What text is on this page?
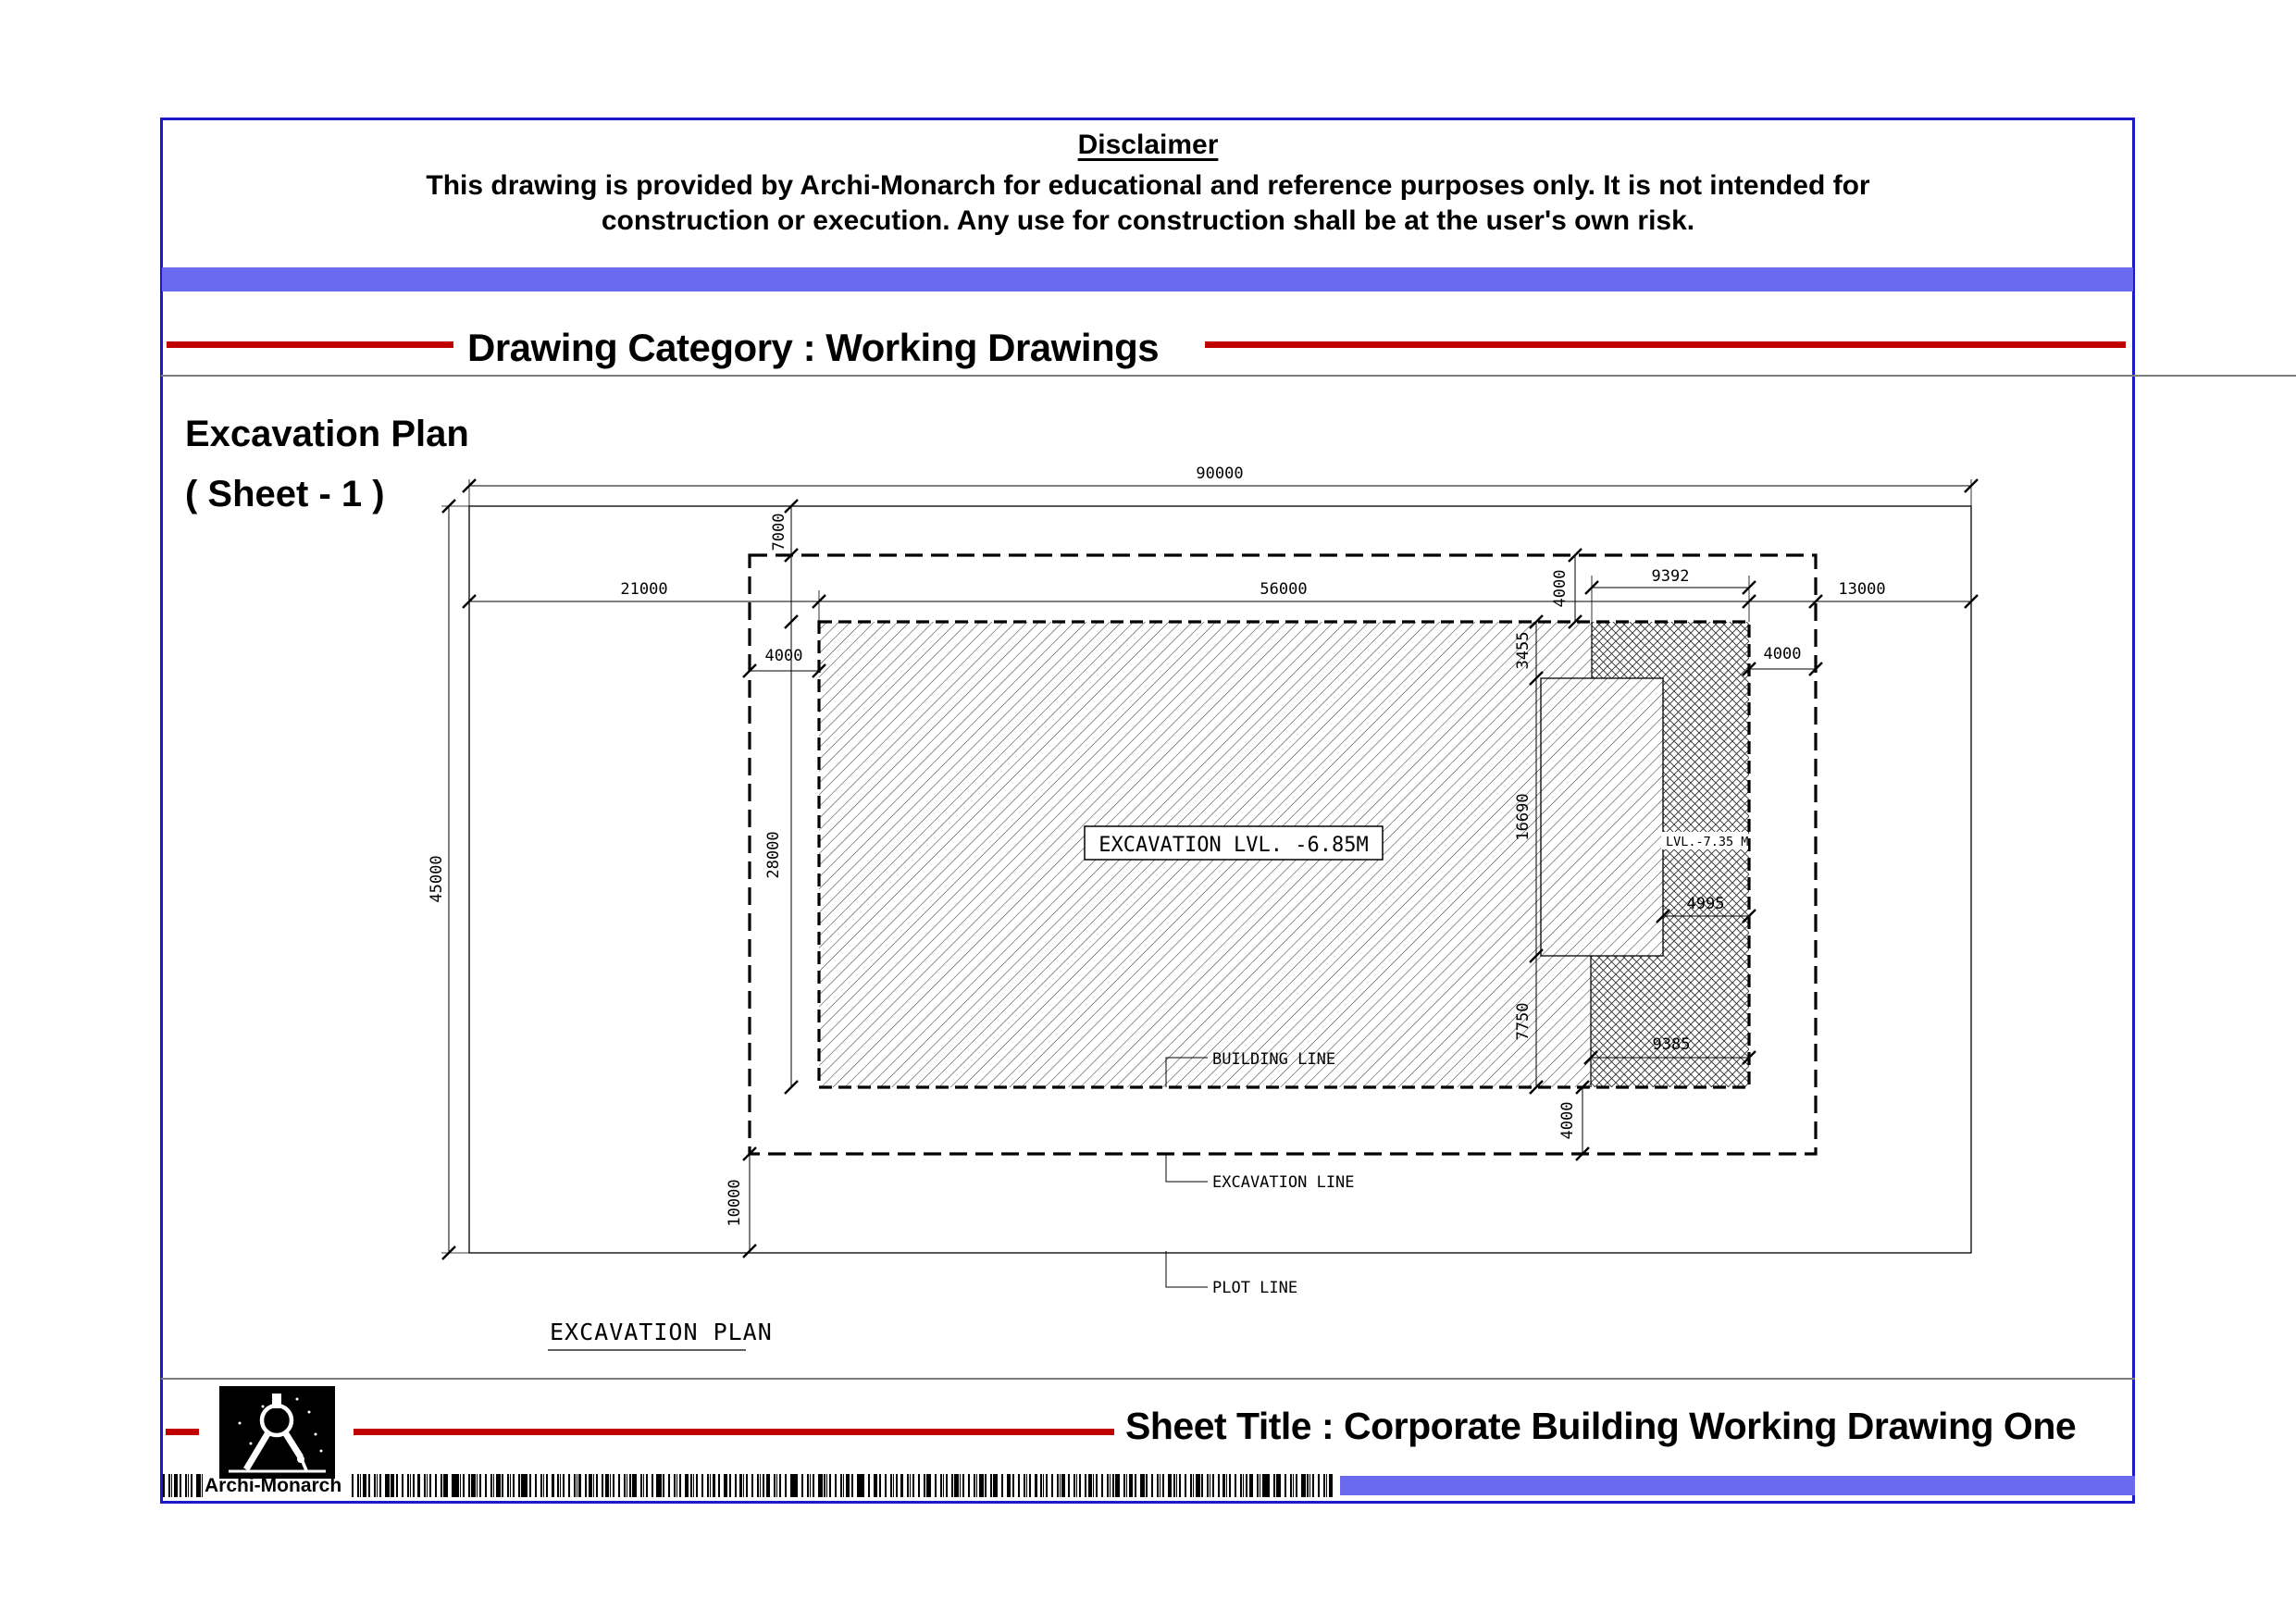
Disclaimer
This drawing is provided by Archi-Monarch for educational and reference purposes only. It is not intended for
construction or execution. Any use for construction shall be at the user's own risk.
Drawing Category : Working Drawings
Excavation Plan
( Sheet - 1 )	90000
21000	56000	13000
9392
4000	4000
4995
9385
45000
7000
28000
3455
16690
7750
4000
4000
10000
EXCAVATION LVL. -6.85M	LVL.-7.35 M
BUILDING LINE
EXCAVATION LINE
PLOT LINE
EXCAVATION PLAN
Sheet Title : Corporate Building Working Drawing One
Archi-Monarch
